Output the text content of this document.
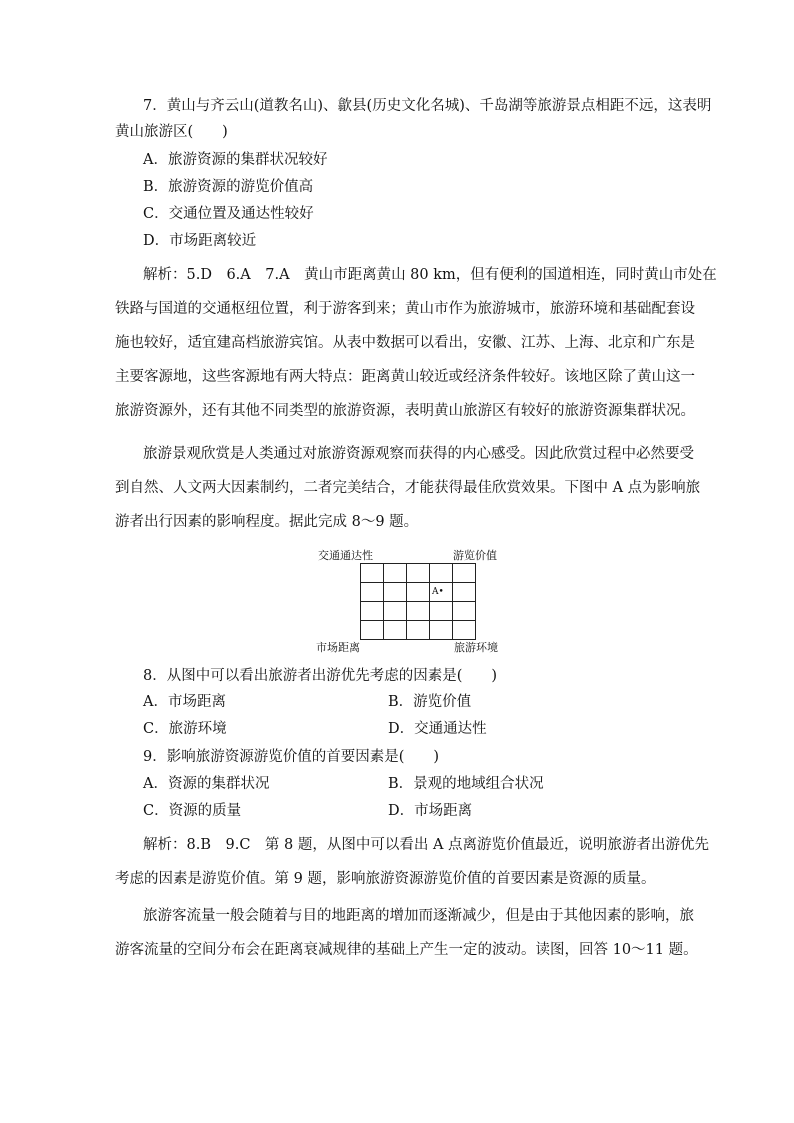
7．黄山与齐云山(道教名山)、歙县(历史文化名城)、千岛湖等旅游景点相距不远，这表明
黄山旅游区(　　)
A．旅游资源的集群状况较好
B．旅游资源的游览价值高
C．交通位置及通达性较好
D．市场距离较近
解析：5.D　6.A　7.A　黄山市距离黄山 80 km，但有便利的国道相连，同时黄山市处在
铁路与国道的交通枢纽位置，利于游客到来；黄山市作为旅游城市，旅游环境和基础配套设
施也较好，适宜建高档旅游宾馆。从表中数据可以看出，安徽、江苏、上海、北京和广东是
主要客源地，这些客源地有两大特点：距离黄山较近或经济条件较好。该地区除了黄山这一
旅游资源外，还有其他不同类型的旅游资源，表明黄山旅游区有较好的旅游资源集群状况。
旅游景观欣赏是人类通过对旅游资源观察而获得的内心感受。因此欣赏过程中必然要受
到自然、人文两大因素制约，二者完美结合，才能获得最佳欣赏效果。下图中 A 点为影响旅
游者出行因素的影响程度。据此完成 8～9 题。
交通通达性	游览价值

			A•	

市场距离	旅游环境
8．从图中可以看出旅游者出游优先考虑的因素是(　　)
A．市场距离	B．游览价值
C．旅游环境	D．交通通达性
9．影响旅游资源游览价值的首要因素是(　　)
A．资源的集群状况	B．景观的地域组合状况
C．资源的质量	D．市场距离
解析：8.B　9.C　第 8 题，从图中可以看出 A 点离游览价值最近，说明旅游者出游优先
考虑的因素是游览价值。第 9 题，影响旅游资源游览价值的首要因素是资源的质量。
旅游客流量一般会随着与目的地距离的增加而逐渐减少，但是由于其他因素的影响，旅
游客流量的空间分布会在距离衰减规律的基础上产生一定的波动。读图，回答 10～11 题。
